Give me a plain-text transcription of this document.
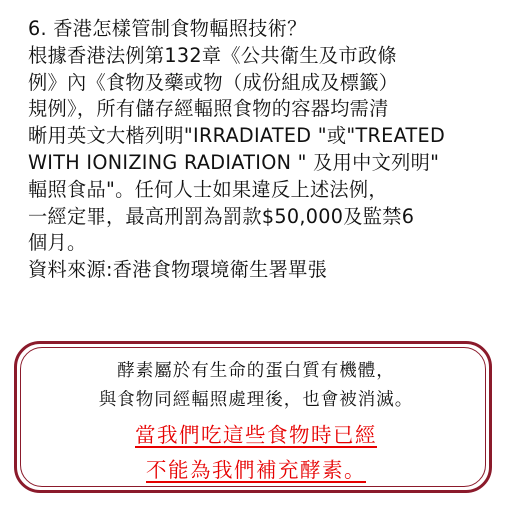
6. 香港怎樣管制食物輻照技術？
根據香港法例第132章《公共衛生及市政條
例》內《食物及藥或物（成份組成及標籤）
規例》，所有儲存經輻照食物的容器均需清
晰用英文大楷列明"IRRADIATED "或"TREATED
WITH IONIZING RADIATION " 及用中文列明"
輻照食品"。任何人士如果違反上述法例，
一經定罪，最高刑罰為罰款$50,000及監禁6
個月。
資料來源:香港食物環境衛生署單張
酵素屬於有生命的蛋白質有機體，
與食物同經輻照處理後，也會被消滅。
當我們吃這些食物時已經
不能為我們補充酵素。
